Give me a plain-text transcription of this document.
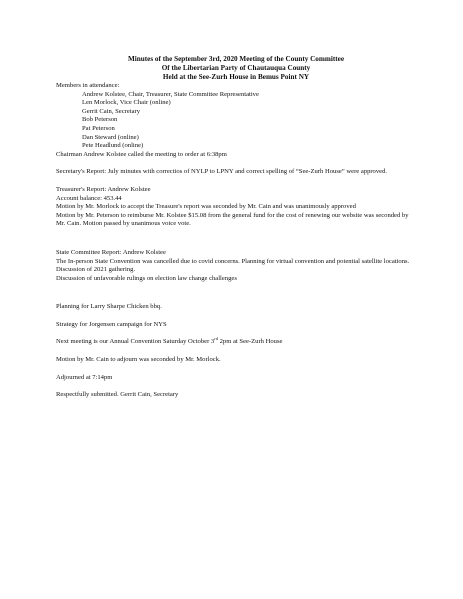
Minutes of the September 3rd, 2020 Meeting of the County Committee
Of the Libertarian Party of Chautauqua County
Held at the See-Zurh House in Bemus Point NY
Members in attendance:
Andrew Kolstee, Chair, Treasurer, State Committee Representative
Len Morlock, Vice Chair (online)
Gerrit Cain, Secretary
Bob Peterson
Pat Peterson
Dan Steward (online)
Pete Headlund (online)
Chairman Andrew Kolstee called the meeting to order at 6:38pm
Secretary's Report: July minutes with correctios of NYLP to LPNY and correct spelling of “See-Zurh House” were approved.
Treasurer's Report: Andrew Kolstee
Account balance: 453.44
Motion by Mr. Morlock to accept the Treasure's report was seconded by Mr. Cain and was unanimously approved
Motion by Mr. Peterson to reimburse Mr. Kolstee $15.08 from the general fund for the cost of renewing our website was seconded by Mr. Cain. Motion passed by unanimous voice vote.
State Committee Report: Andrew Kolstee
The In-person State Convention was cancelled due to covid concerns. Planning for virtual convention and potential satellite locations.
Discussion of 2021 gathering.
Discussion of unfavorable rulings on election law change challenges
Planning for Larry Sharpe Chicken bbq.
Strategy for Jorgensen campaign for NYS
Next meeting is our Annual Convention Saturday October 3rd 2pm at See-Zurh House
Motion by Mr. Cain to adjourn was seconded by Mr. Morlock.
Adjourned at 7:14pm
Respectfully submitted. Gerrit Cain, Secretary
